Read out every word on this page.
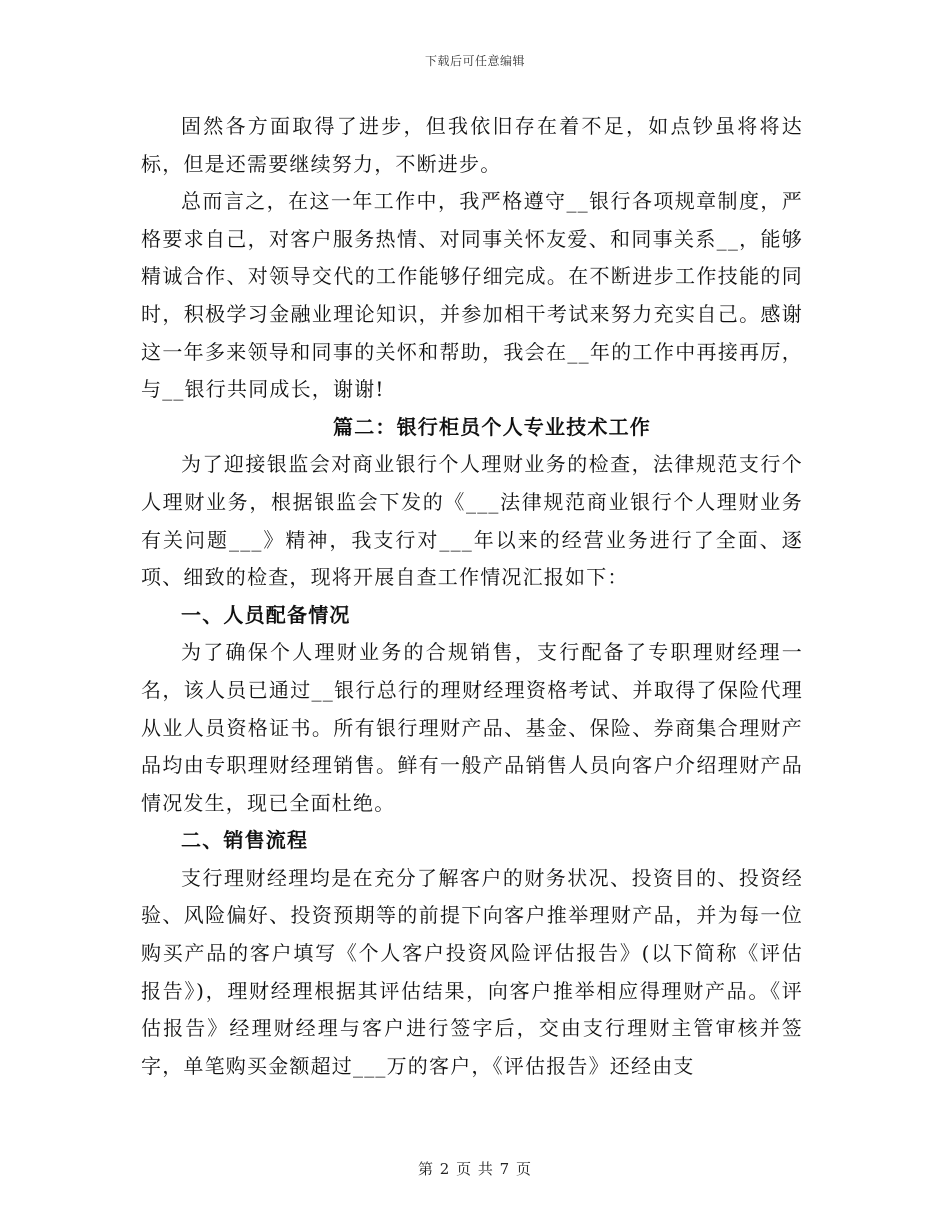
下载后可任意编辑

固然各方面取得了进步，但我依旧存在着不足，如点钞虽将将达标，但是还需要继续努力，不断进步。

总而言之，在这一年工作中，我严格遵守__银行各项规章制度，严格要求自己，对客户服务热情、对同事关怀友爱、和同事关系__，能够精诚合作、对领导交代的工作能够仔细完成。在不断进步工作技能的同时，积极学习金融业理论知识，并参加相干考试来努力充实自己。感谢这一年多来领导和同事的关怀和帮助，我会在__年的工作中再接再厉，与__银行共同成长，谢谢!

篇二：银行柜员个人专业技术工作

为了迎接银监会对商业银行个人理财业务的检查，法律规范支行个人理财业务，根据银监会下发的《___法律规范商业银行个人理财业务有关问题___》精神，我支行对___年以来的经营业务进行了全面、逐项、细致的检查，现将开展自查工作情况汇报如下：

一、人员配备情况

为了确保个人理财业务的合规销售，支行配备了专职理财经理一名，该人员已通过__银行总行的理财经理资格考试、并取得了保险代理从业人员资格证书。所有银行理财产品、基金、保险、券商集合理财产品均由专职理财经理销售。鲜有一般产品销售人员向客户介绍理财产品情况发生，现已全面杜绝。

二、销售流程

支行理财经理均是在充分了解客户的财务状况、投资目的、投资经验、风险偏好、投资预期等的前提下向客户推举理财产品，并为每一位购买产品的客户填写《个人客户投资风险评估报告》(以下简称《评估报告》)，理财经理根据其评估结果，向客户推举相应得理财产品。《评估报告》经理财经理与客户进行签字后，交由支行理财主管审核并签字，单笔购买金额超过___万的客户，《评估报告》还经由支

第 2 页 共 7 页
